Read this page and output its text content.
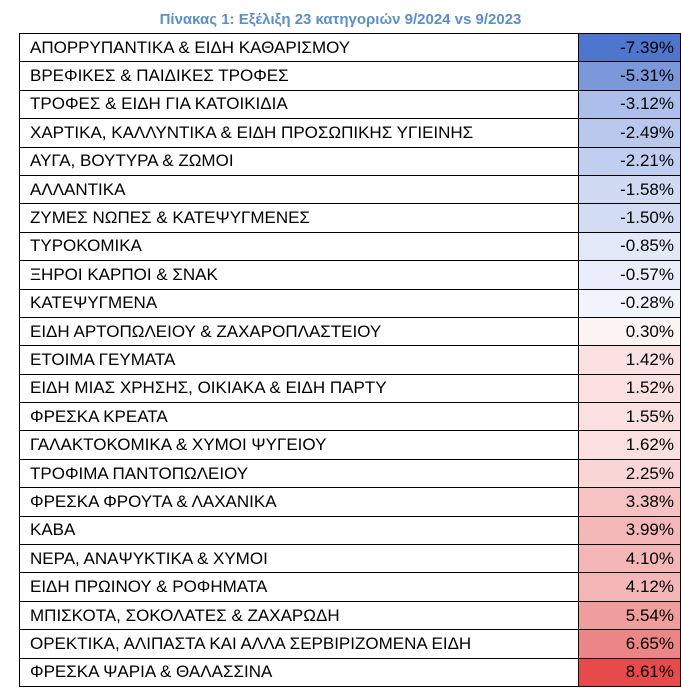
Πίνακας 1: Εξέλιξη 23 κατηγοριών 9/2024 vs 9/2023
ΑΠΟΡΡΥΠΑΝΤΙΚΑ & ΕΙΔΗ ΚΑΘΑΡΙΣΜΟΥ	-7.39%
ΒΡΕΦΙΚΕΣ & ΠΑΙΔΙΚΕΣ ΤΡΟΦΕΣ	-5.31%
ΤΡΟΦΕΣ & ΕΙΔΗ ΓΙΑ ΚΑΤΟΙΚΙΔΙΑ	-3.12%
ΧΑΡΤΙΚΑ, ΚΑΛΛΥΝΤΙΚΑ & ΕΙΔΗ ΠΡΟΣΩΠΙΚΗΣ ΥΓΙΕΙΝΗΣ	-2.49%
ΑΥΓΑ, ΒΟΥΤΥΡΑ & ΖΩΜΟΙ	-2.21%
ΑΛΛΑΝΤΙΚΑ	-1.58%
ΖΥΜΕΣ ΝΩΠΕΣ & ΚΑΤΕΨΥΓΜΕΝΕΣ	-1.50%
ΤΥΡΟΚΟΜΙΚΑ	-0.85%
ΞΗΡΟΙ ΚΑΡΠΟΙ & ΣΝΑΚ	-0.57%
ΚΑΤΕΨΥΓΜΕΝΑ	-0.28%
ΕΙΔΗ ΑΡΤΟΠΩΛΕΙΟΥ & ΖΑΧΑΡΟΠΛΑΣΤΕΙΟΥ	0.30%
ΕΤΟΙΜΑ ΓΕΥΜΑΤΑ	1.42%
ΕΙΔΗ ΜΙΑΣ ΧΡΗΣΗΣ, ΟΙΚΙΑΚΑ & ΕΙΔΗ ΠΑΡΤΥ	1.52%
ΦΡΕΣΚΑ ΚΡΕΑΤΑ	1.55%
ΓΑΛΑΚΤΟΚΟΜΙΚΑ & ΧΥΜΟΙ ΨΥΓΕΙΟΥ	1.62%
ΤΡΟΦΙΜΑ ΠΑΝΤΟΠΩΛΕΙΟΥ	2.25%
ΦΡΕΣΚΑ ΦΡΟΥΤΑ & ΛΑΧΑΝΙΚΑ	3.38%
ΚΑΒΑ	3.99%
ΝΕΡΑ, ΑΝΑΨΥΚΤΙΚΑ & ΧΥΜΟΙ	4.10%
ΕΙΔΗ ΠΡΩΙΝΟΥ & ΡΟΦΗΜΑΤΑ	4.12%
ΜΠΙΣΚΟΤΑ, ΣΟΚΟΛΑΤΕΣ & ΖΑΧΑΡΩΔΗ	5.54%
ΟΡΕΚΤΙΚΑ, ΑΛΙΠΑΣΤΑ ΚΑΙ ΑΛΛΑ ΣΕΡΒΙΡΙΖΟΜΕΝΑ ΕΙΔΗ	6.65%
ΦΡΕΣΚΑ ΨΑΡΙΑ & ΘΑΛΑΣΣΙΝΑ	8.61%
